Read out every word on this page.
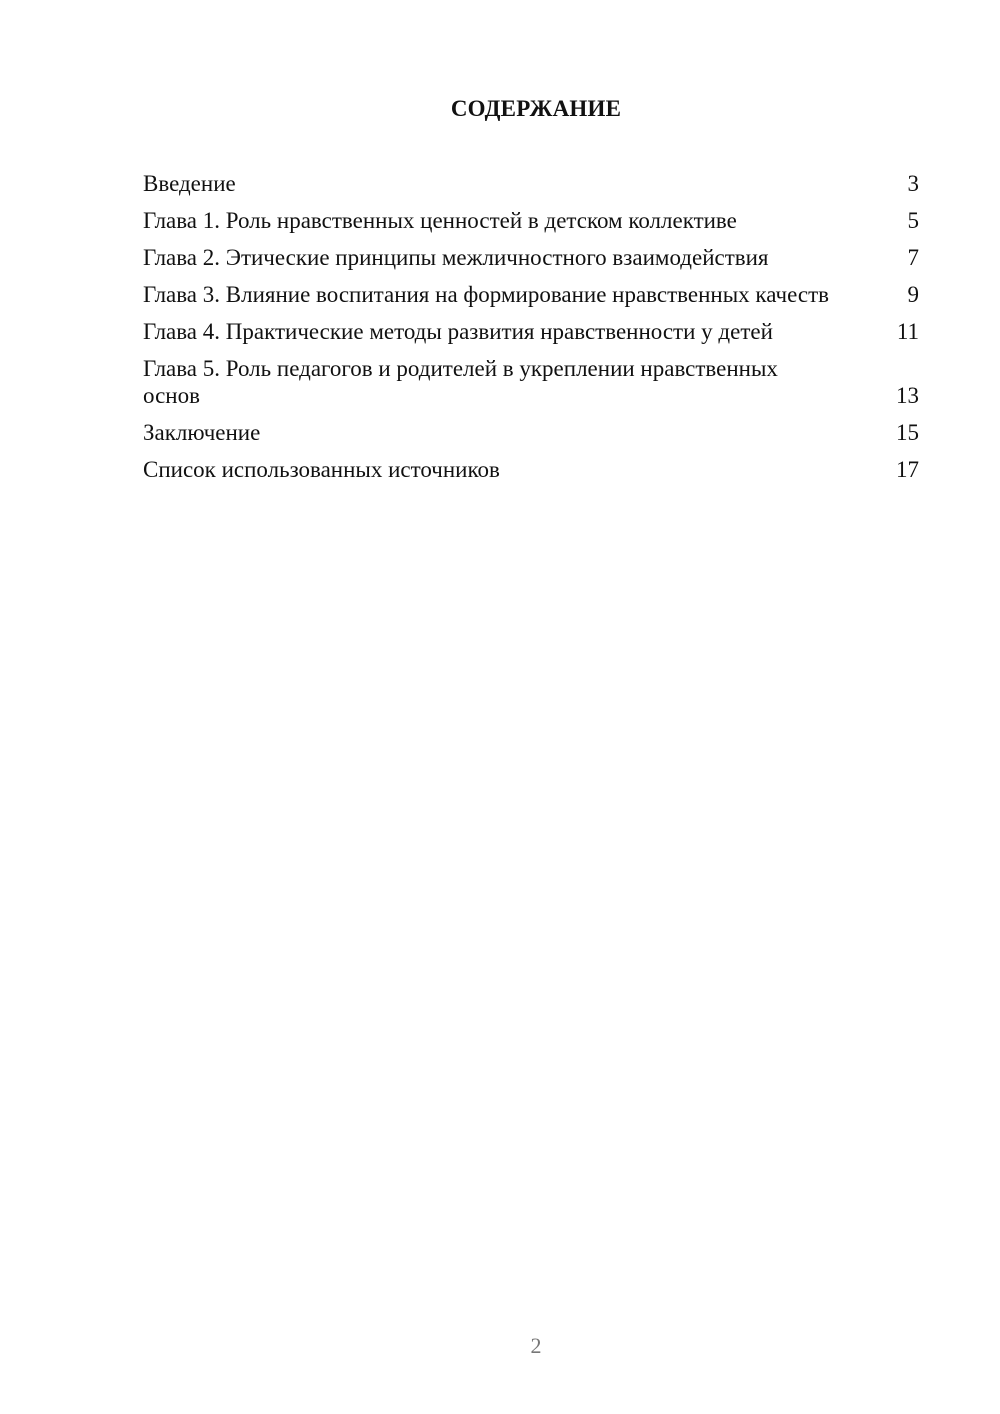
СОДЕРЖАНИЕ
Введение	3
Глава 1. Роль нравственных ценностей в детском коллективе	5
Глава 2. Этические принципы межличностного взаимодействия	7
Глава 3. Влияние воспитания на формирование нравственных качеств	9
Глава 4. Практические методы развития нравственности у детей	11
Глава 5. Роль педагогов и родителей в укреплении нравственных основ	13
Заключение	15
Список использованных источников	17
2
